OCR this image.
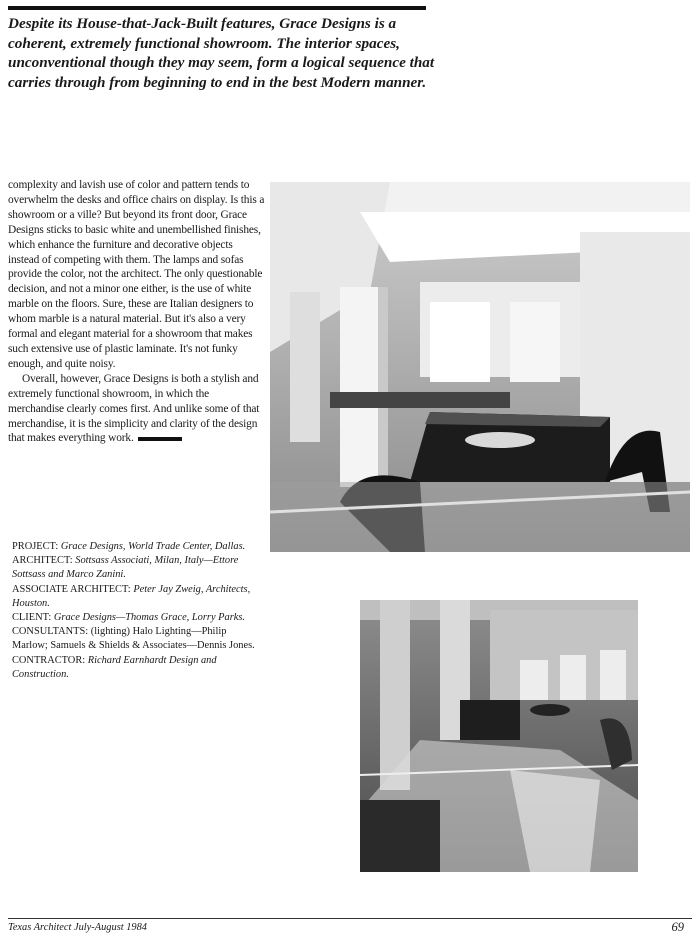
Despite its House-that-Jack-Built features, Grace Designs is a

coherent, extremely functional showroom. The interior spaces,

unconventional though they may seem, form a logical sequence that

carries through from beginning to end in the best Modern manner.

complexity and lavish use of color and pattern tends to overwhelm the desks and office chairs on display. Is this a showroom or a ville? But beyond its front door, Grace Designs sticks to basic white and unembellished finishes, which enhance the furniture and decorative objects instead of competing with them. The lamps and sofas provide the color, not the architect. The only questionable decision, and not a minor one either, is the use of white marble on the floors. Sure, these are Italian designers to whom marble is a natural material. But it's also a very formal and elegant material for a showroom that makes such extensive use of plastic laminate. It's not funky enough, and quite noisy.

Overall, however, Grace Designs is both a stylish and extremely functional showroom, in which the merchandise clearly comes first. And unlike some of that merchandise, it is the simplicity and clarity of the design that makes everything work.

PROJECT: Grace Designs, World Trade Center, Dallas.

ARCHITECT: Sottsass Associati, Milan, Italy—Ettore Sottsass and Marco Zanini.

ASSOCIATE ARCHITECT: Peter Jay Zweig, Architects, Houston.

CLIENT: Grace Designs—Thomas Grace, Lorry Parks.

CONSULTANTS: (lighting) Halo Lighting—Philip Marlow; Samuels & Shields & Associates—Dennis Jones.

CONTRACTOR: Richard Earnhardt Design and Construction.

Texas Architect July-August 1984	69
